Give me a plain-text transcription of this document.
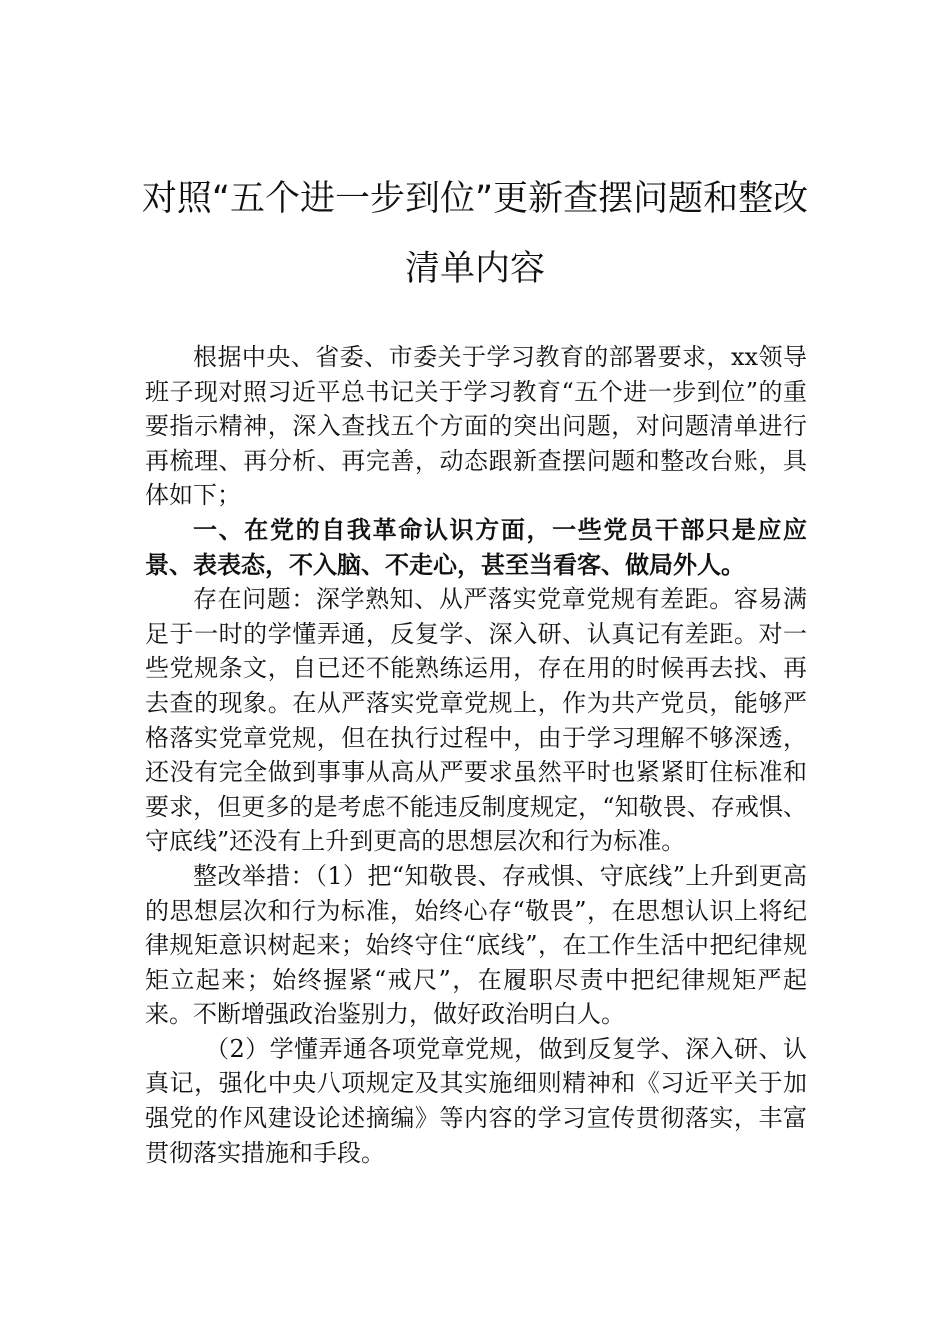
对照“五个进一步到位”更新查摆问题和整改
清单内容

根据中央、省委、市委关于学习教育的部署要求，xx领导班子现对照习近平总书记关于学习教育“五个进一步到位”的重要指示精神，深入查找五个方面的突出问题，对问题清单进行再梳理、再分析、再完善，动态跟新查摆问题和整改台账，具体如下；

一、在党的自我革命认识方面，一些党员干部只是应应景、表表态，不入脑、不走心，甚至当看客、做局外人。

存在问题：深学熟知、从严落实党章党规有差距。容易满足于一时的学懂弄通，反复学、深入研、认真记有差距。对一些党规条文，自已还不能熟练运用，存在用的时候再去找、再去查的现象。在从严落实党章党规上，作为共产党员，能够严格落实党章党规，但在执行过程中，由于学习理解不够深透，还没有完全做到事事从高从严要求虽然平时也紧紧盯住标准和要求，但更多的是考虑不能违反制度规定，“知敬畏、存戒惧、守底线”还没有上升到更高的思想层次和行为标准。

整改举措：（1）把“知敬畏、存戒惧、守底线”上升到更高的思想层次和行为标准，始终心存“敬畏”，在思想认识上将纪律规矩意识树起来；始终守住“底线”，在工作生活中把纪律规矩立起来；始终握紧“戒尺”，在履职尽责中把纪律规矩严起来。不断增强政治鉴别力，做好政治明白人。

（2）学懂弄通各项党章党规，做到反复学、深入研、认真记，强化中央八项规定及其实施细则精神和《习近平关于加强党的作风建设论述摘编》等内容的学习宣传贯彻落实，丰富贯彻落实措施和手段。
